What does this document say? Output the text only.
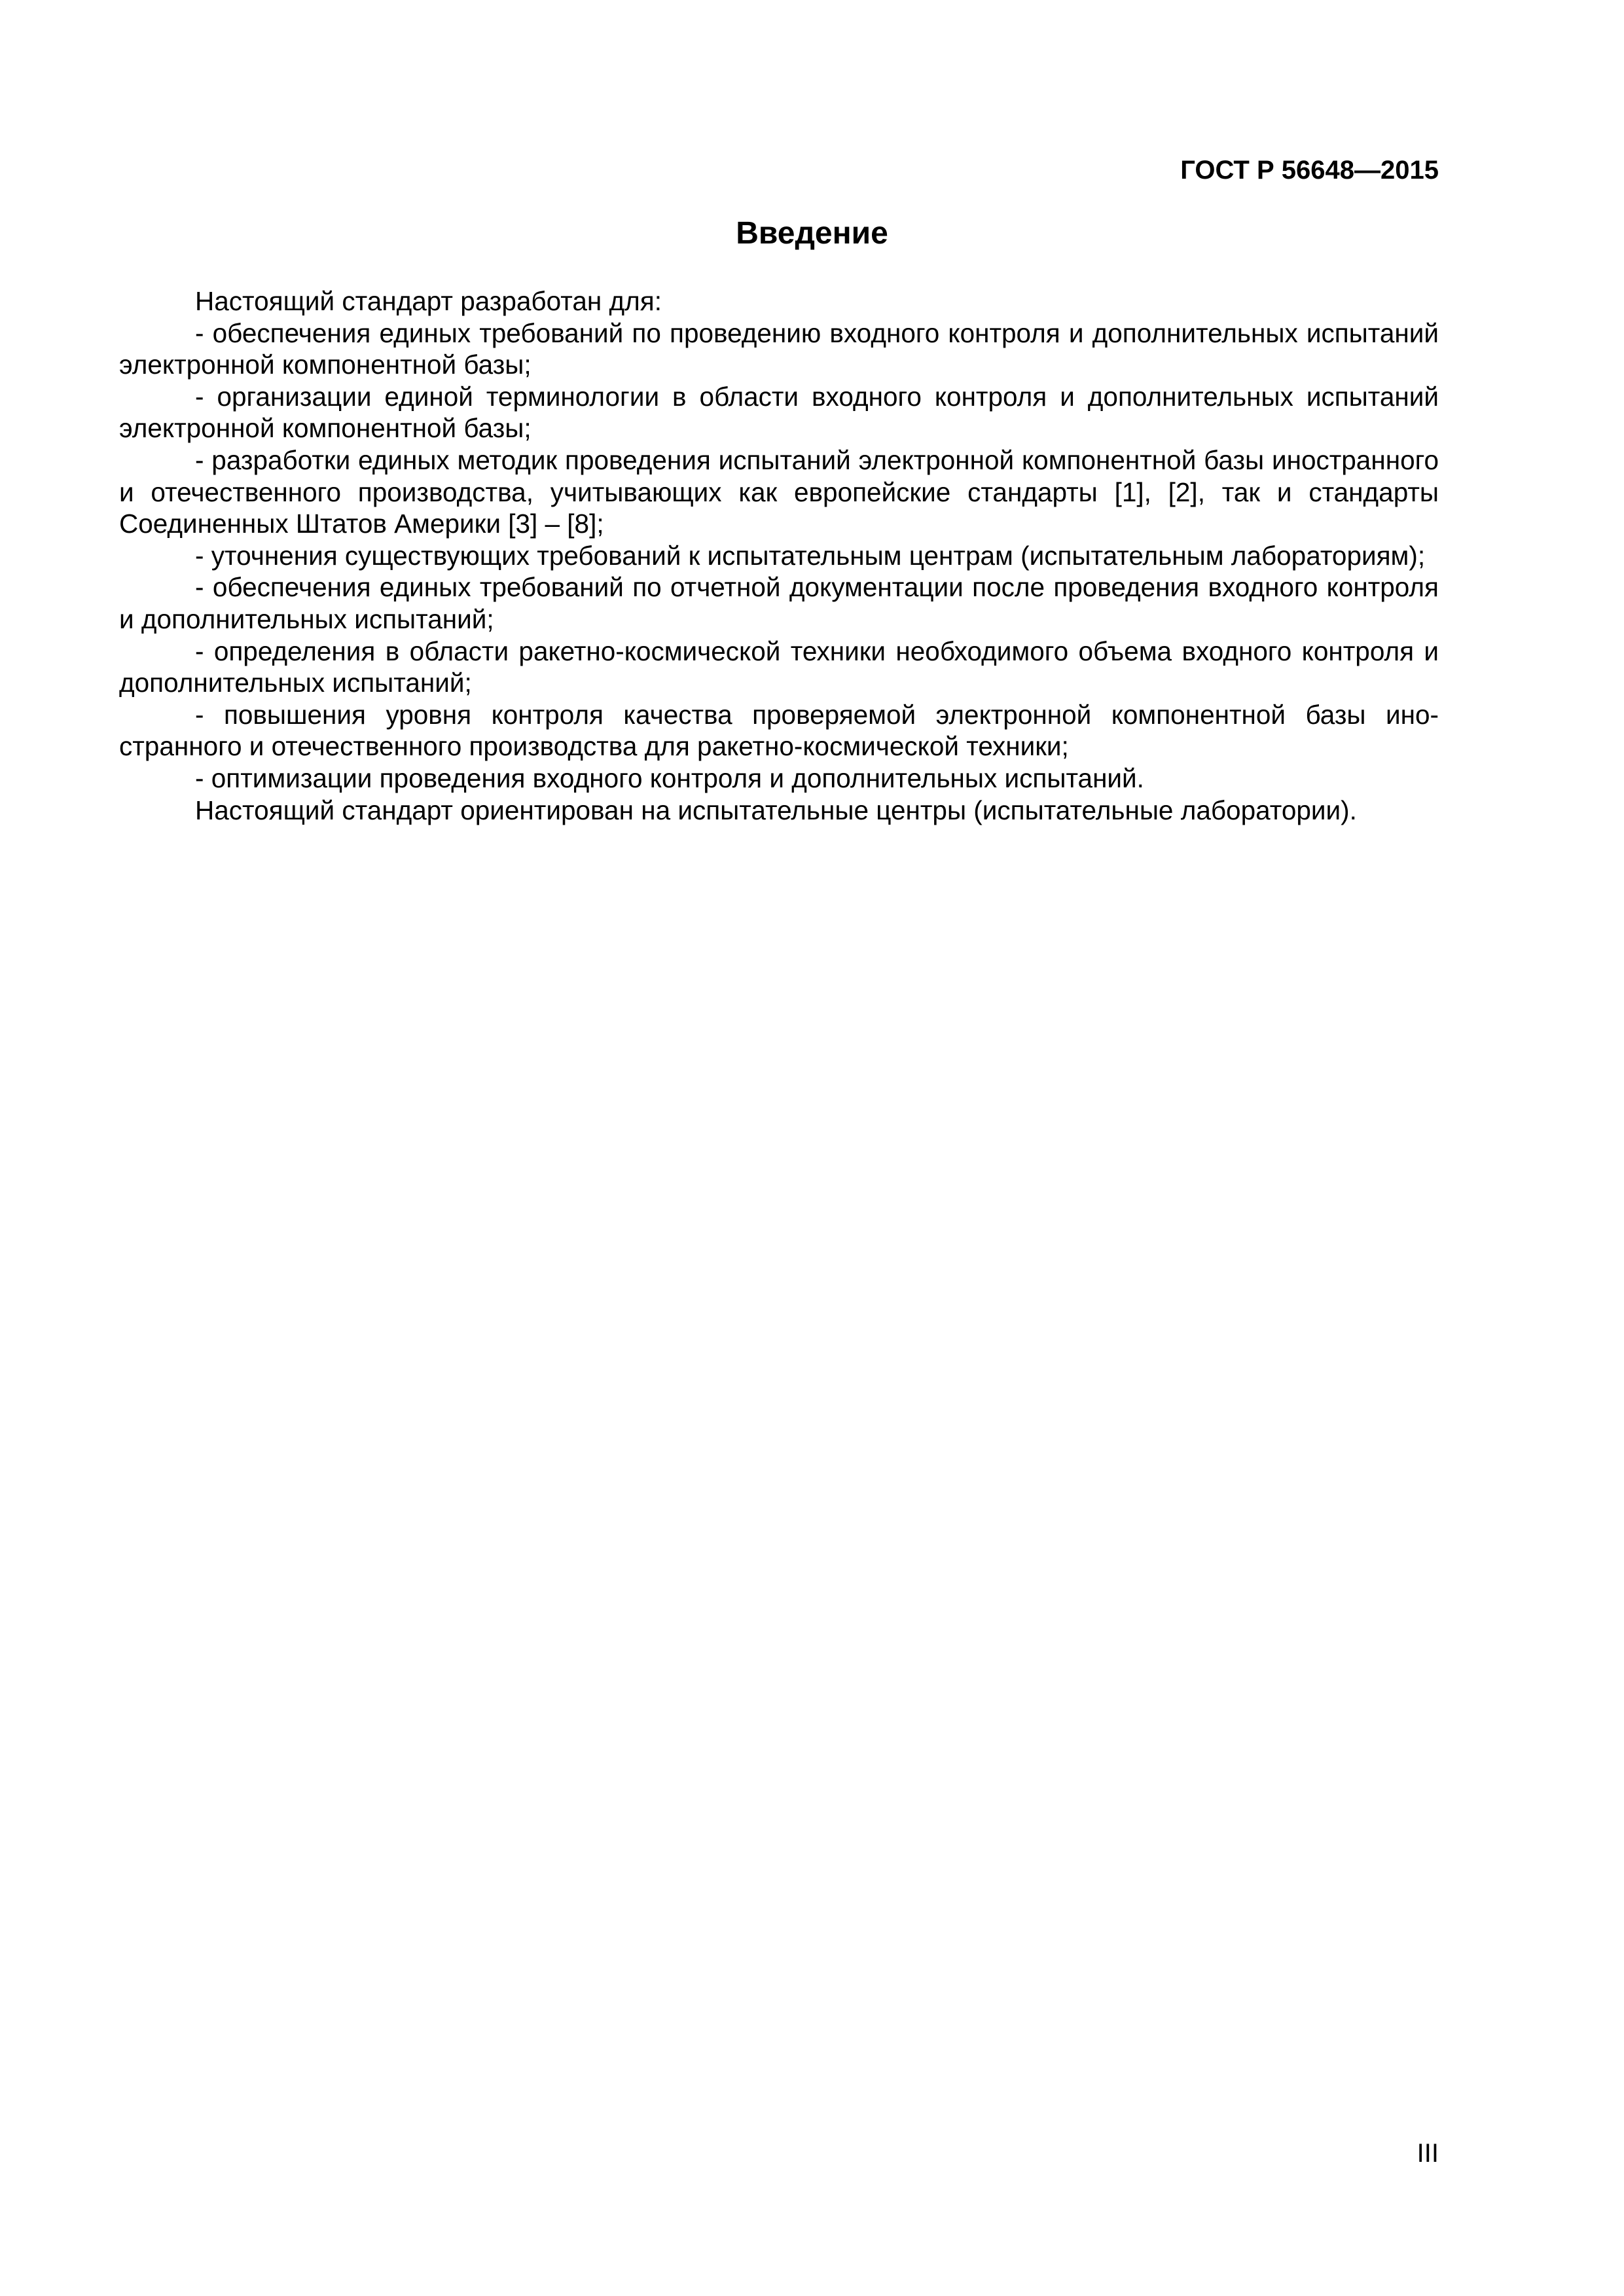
ГОСТ Р 56648—2015
Введение

Настоящий стандарт разработан для:

- обеспечения единых требований по проведению входного контроля и дополнительных испытаний электронной компонентной базы;

- организации единой терминологии в области входного контроля и дополнительных испытаний электронной компонентной базы;

- разработки единых методик проведения испытаний электронной компонентной базы иностранного и отечественного производства, учитывающих как европейские стандарты [1], [2], так и стандарты Соединенных Штатов Америки [3] – [8];

- уточнения существующих требований к испытательным центрам (испытательным лабораториям);

- обеспечения единых требований по отчетной документации после проведения входного контроля и дополнительных испытаний;

- определения в области ракетно-космической техники необходимого объема входного контроля и дополнительных испытаний;

- повышения уровня контроля качества проверяемой электронной компонентной базы иностранного и отечественного производства для ракетно-космической техники;

- оптимизации проведения входного контроля и дополнительных испытаний.

Настоящий стандарт ориентирован на испытательные центры (испытательные лаборатории).

III
